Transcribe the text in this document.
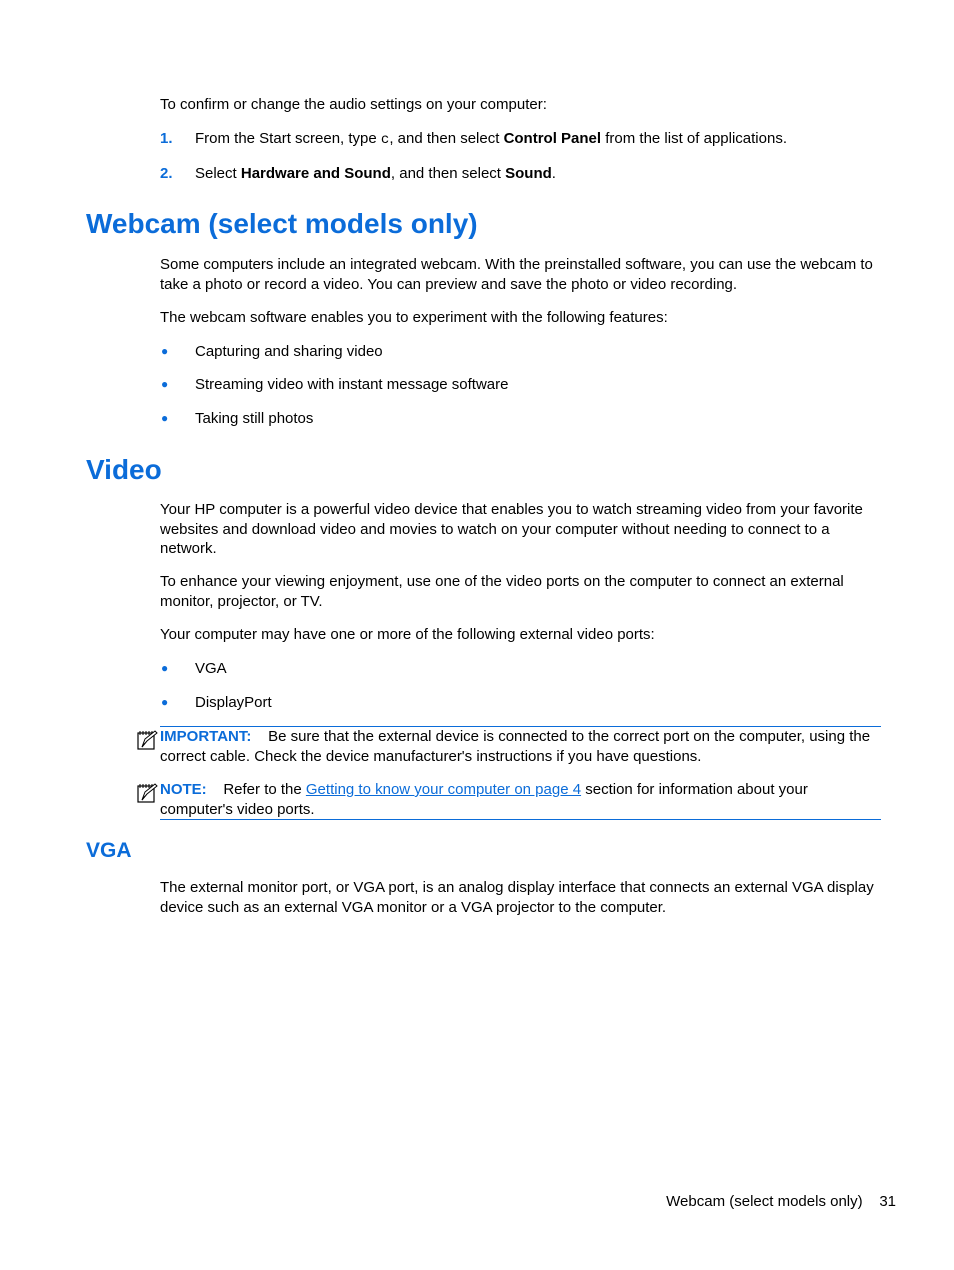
To confirm or change the audio settings on your computer:

1. From the Start screen, type c, and then select Control Panel from the list of applications.

2. Select Hardware and Sound, and then select Sound.

Webcam (select models only)

Some computers include an integrated webcam. With the preinstalled software, you can use the webcam to take a photo or record a video. You can preview and save the photo or video recording.

The webcam software enables you to experiment with the following features:

● Capturing and sharing video

● Streaming video with instant message software

● Taking still photos

Video

Your HP computer is a powerful video device that enables you to watch streaming video from your favorite websites and download video and movies to watch on your computer without needing to connect to a network.

To enhance your viewing enjoyment, use one of the video ports on the computer to connect an external monitor, projector, or TV.

Your computer may have one or more of the following external video ports:

● VGA

● DisplayPort

IMPORTANT: Be sure that the external device is connected to the correct port on the computer, using the correct cable. Check the device manufacturer's instructions if you have questions.

NOTE: Refer to the Getting to know your computer on page 4 section for information about your computer's video ports.

VGA

The external monitor port, or VGA port, is an analog display interface that connects an external VGA display device such as an external VGA monitor or a VGA projector to the computer.

Webcam (select models only) 31
